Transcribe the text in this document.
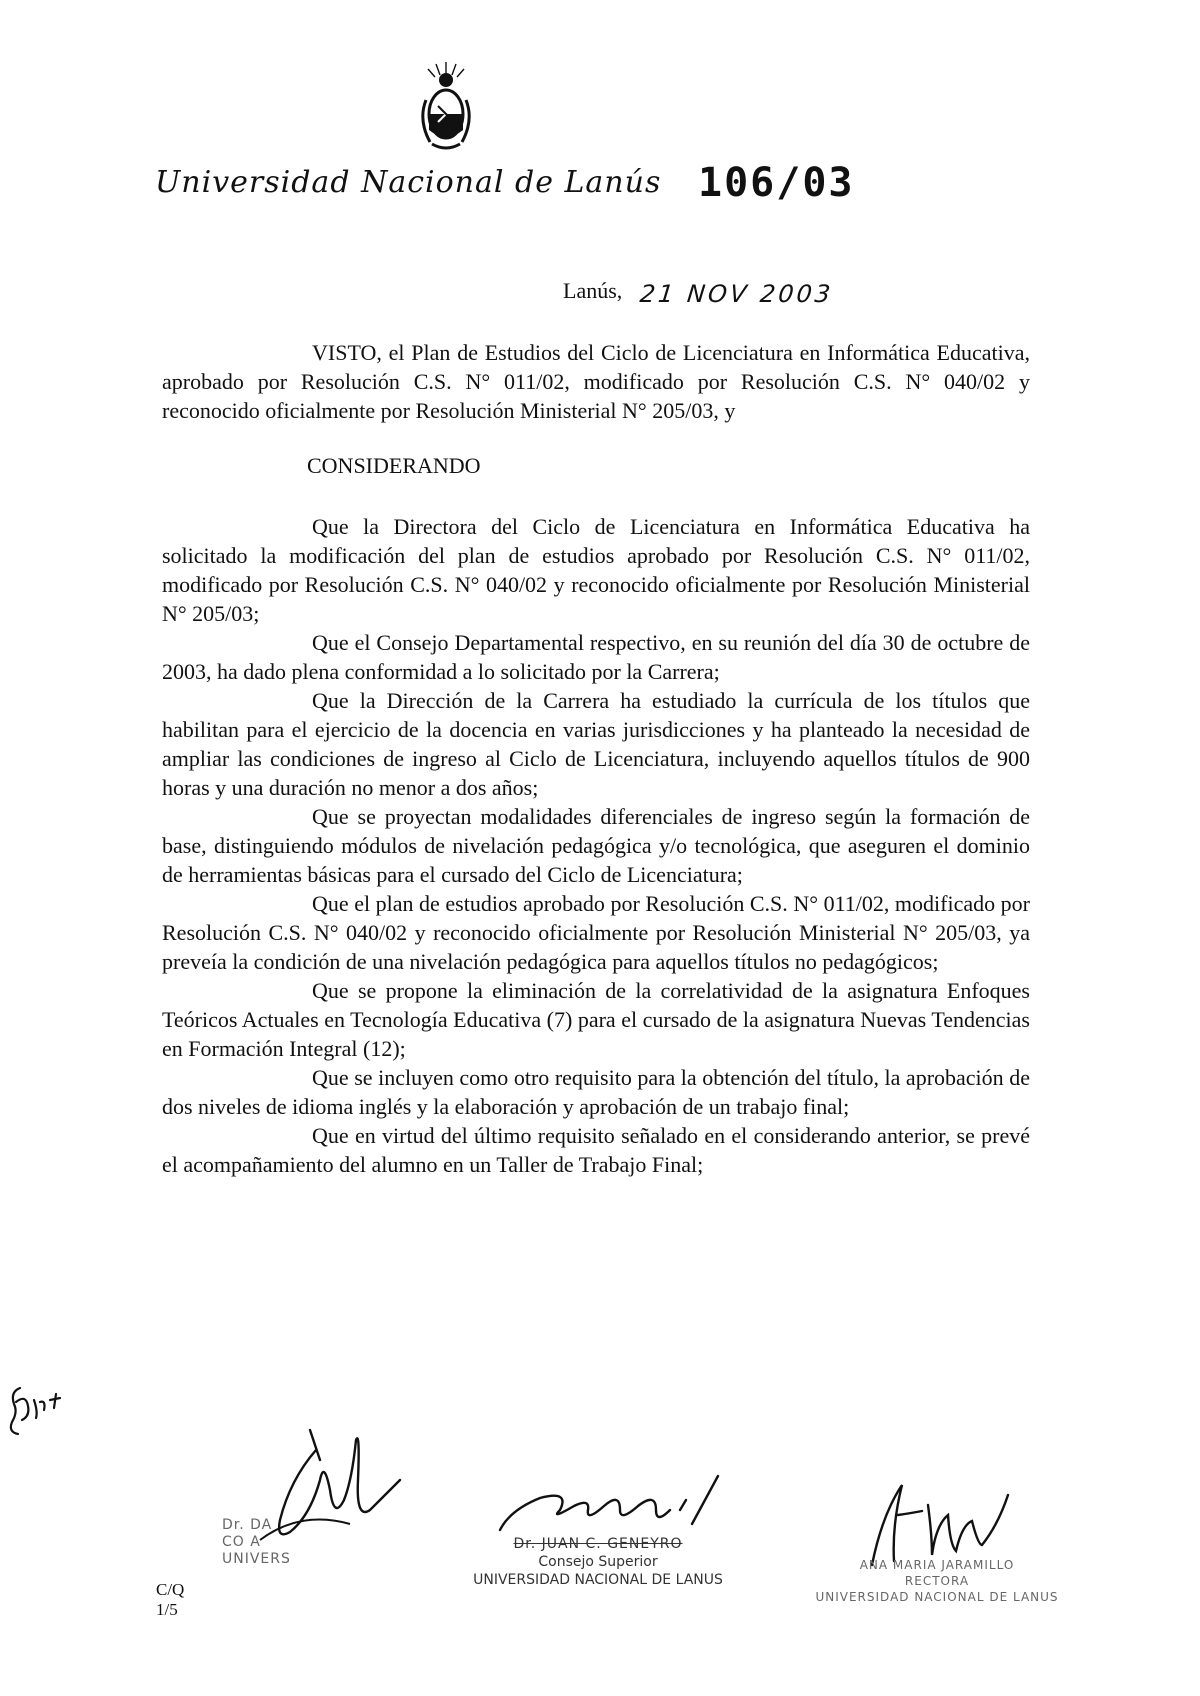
Universidad Nacional de Lanús 106/03
Lanús, 21 NOV 2003

VISTO, el Plan de Estudios del Ciclo de Licenciatura en Informática Educativa, aprobado por Resolución C.S. N° 011/02, modificado por Resolución C.S. N° 040/02 y reconocido oficialmente por Resolución Ministerial N° 205/03, y

CONSIDERANDO

Que la Directora del Ciclo de Licenciatura en Informática Educativa ha solicitado la modificación del plan de estudios aprobado por Resolución C.S. N° 011/02, modificado por Resolución C.S. N° 040/02 y reconocido oficialmente por Resolución Ministerial N° 205/03;

Que el Consejo Departamental respectivo, en su reunión del día 30 de octubre de 2003, ha dado plena conformidad a lo solicitado por la Carrera;

Que la Dirección de la Carrera ha estudiado la currícula de los títulos que habilitan para el ejercicio de la docencia en varias jurisdicciones y ha planteado la necesidad de ampliar las condiciones de ingreso al Ciclo de Licenciatura, incluyendo aquellos títulos de 900 horas y una duración no menor a dos años;

Que se proyectan modalidades diferenciales de ingreso según la formación de base, distinguiendo módulos de nivelación pedagógica y/o tecnológica, que aseguren el dominio de herramientas básicas para el cursado del Ciclo de Licenciatura;

Que el plan de estudios aprobado por Resolución C.S. N° 011/02, modificado por Resolución C.S. N° 040/02 y reconocido oficialmente por Resolución Ministerial N° 205/03, ya preveía la condición de una nivelación pedagógica para aquellos títulos no pedagógicos;

Que se propone la eliminación de la correlatividad de la asignatura Enfoques Teóricos Actuales en Tecnología Educativa (7) para el cursado de la asignatura Nuevas Tendencias en Formación Integral (12);

Que se incluyen como otro requisito para la obtención del título, la aprobación de dos niveles de idioma inglés y la elaboración y aprobación de un trabajo final;

Que en virtud del último requisito señalado en el considerando anterior, se prevé el acompañamiento del alumno en un Taller de Trabajo Final;

Dr. DA
CO A
UNIVERS
Dr. JUAN C. GENEYRO
Consejo Superior
UNIVERSIDAD NACIONAL DE LANUS
ANA MARIA JARAMILLO
RECTORA
UNIVERSIDAD NACIONAL DE LANUS
C/Q
1/5
